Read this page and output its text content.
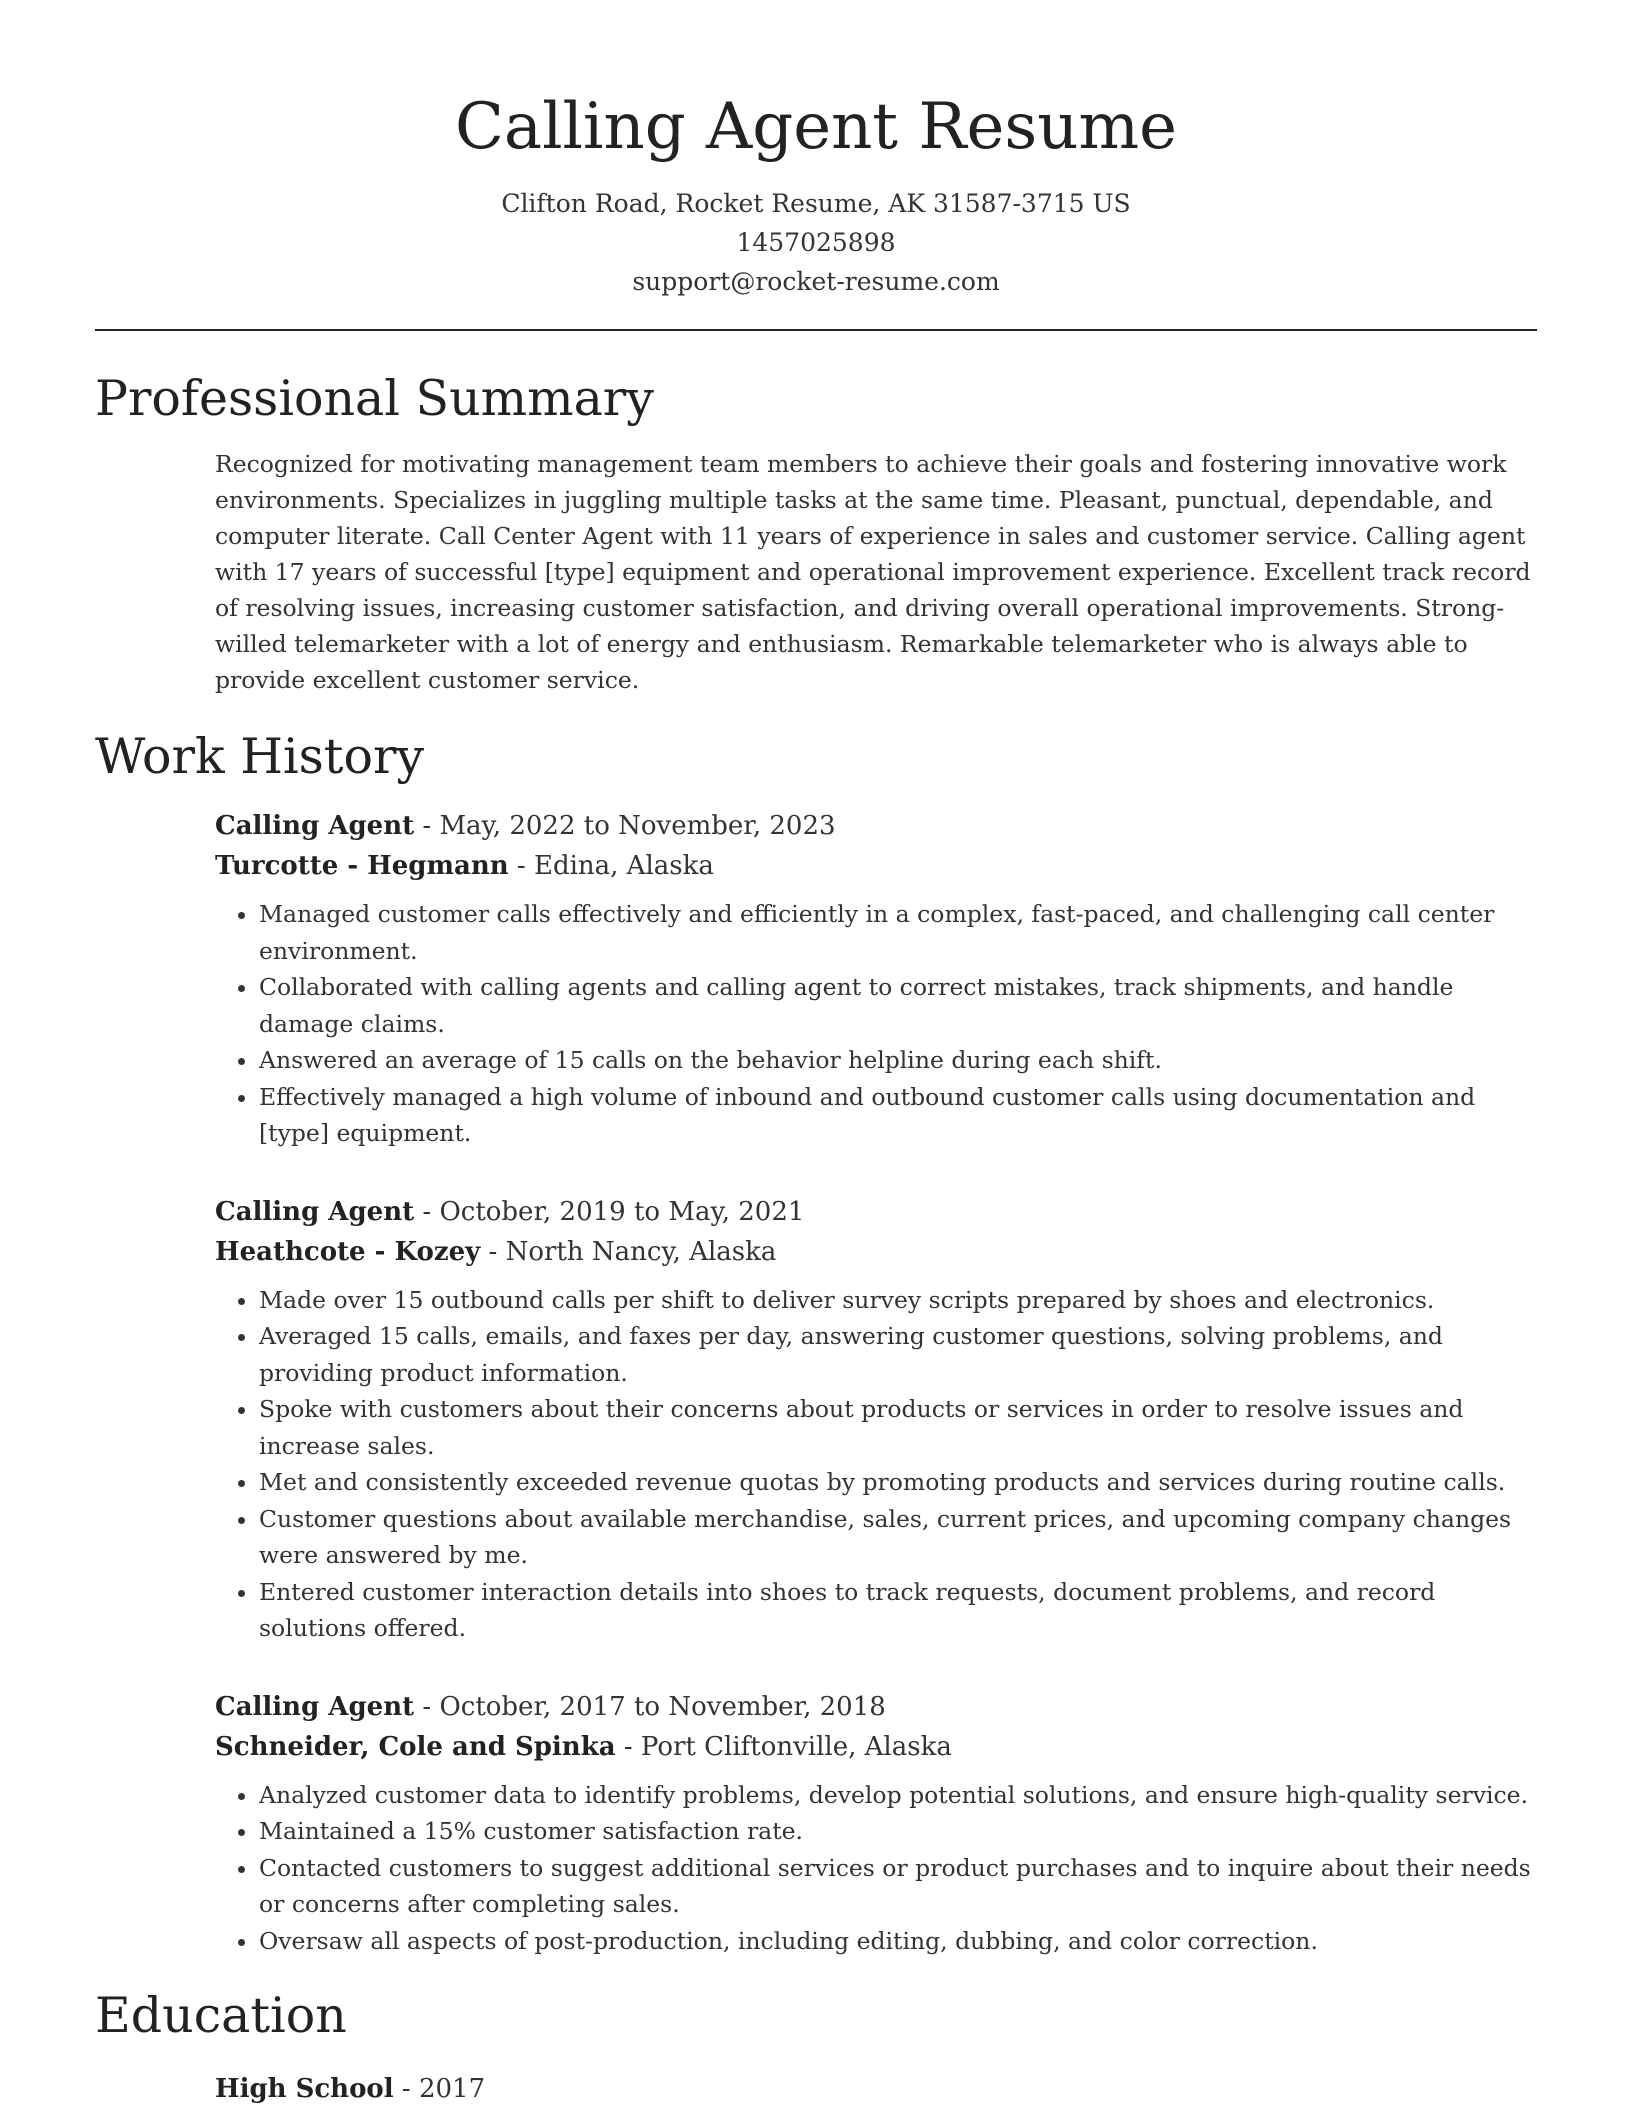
Calling Agent Resume
Clifton Road, Rocket Resume, AK 31587-3715 US
1457025898
support@rocket-resume.com
Professional Summary

Recognized for motivating management team members to achieve their goals and fostering innovative work environments. Specializes in juggling multiple tasks at the same time. Pleasant, punctual, dependable, and computer literate. Call Center Agent with 11 years of experience in sales and customer service. Calling agent with 17 years of successful [type] equipment and operational improvement experience. Excellent track record of resolving issues, increasing customer satisfaction, and driving overall operational improvements. Strong-willed telemarketer with a lot of energy and enthusiasm. Remarkable telemarketer who is always able to provide excellent customer service.

Work History
Calling Agent - May, 2022 to November, 2023
Turcotte - Hegmann - Edina, Alaska
• Managed customer calls effectively and efficiently in a complex, fast-paced, and challenging call center environment.
• Collaborated with calling agents and calling agent to correct mistakes, track shipments, and handle damage claims.
• Answered an average of 15 calls on the behavior helpline during each shift.
• Effectively managed a high volume of inbound and outbound customer calls using documentation and [type] equipment.
Calling Agent - October, 2019 to May, 2021
Heathcote - Kozey - North Nancy, Alaska
• Made over 15 outbound calls per shift to deliver survey scripts prepared by shoes and electronics.
• Averaged 15 calls, emails, and faxes per day, answering customer questions, solving problems, and providing product information.
• Spoke with customers about their concerns about products or services in order to resolve issues and increase sales.
• Met and consistently exceeded revenue quotas by promoting products and services during routine calls.
• Customer questions about available merchandise, sales, current prices, and upcoming company changes were answered by me.
• Entered customer interaction details into shoes to track requests, document problems, and record solutions offered.
Calling Agent - October, 2017 to November, 2018
Schneider, Cole and Spinka - Port Cliftonville, Alaska
• Analyzed customer data to identify problems, develop potential solutions, and ensure high-quality service.
• Maintained a 15% customer satisfaction rate.
• Contacted customers to suggest additional services or product purchases and to inquire about their needs or concerns after completing sales.
• Oversaw all aspects of post-production, including editing, dubbing, and color correction.
Education
High School - 2017
